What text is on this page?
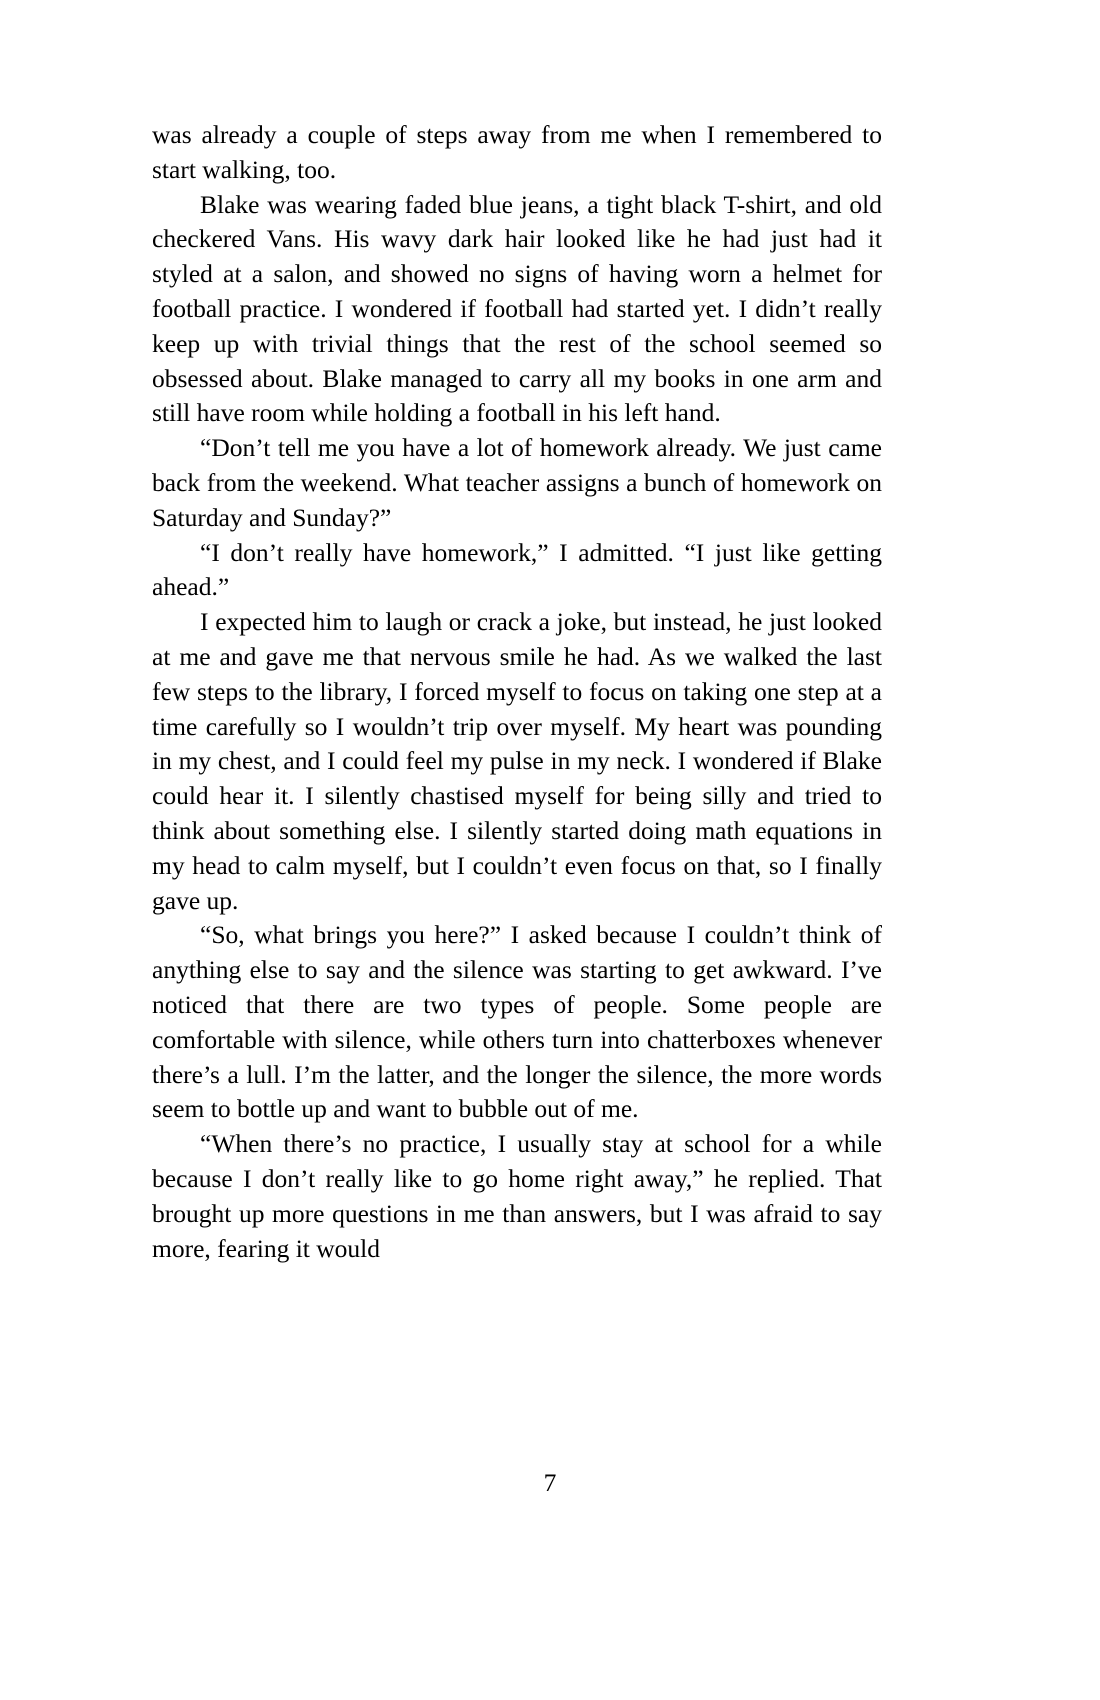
was already a couple of steps away from me when I remembered to start walking, too.

Blake was wearing faded blue jeans, a tight black T-shirt, and old checkered Vans. His wavy dark hair looked like he had just had it styled at a salon, and showed no signs of having worn a helmet for football practice. I wondered if football had started yet. I didn’t really keep up with trivial things that the rest of the school seemed so obsessed about. Blake managed to carry all my books in one arm and still have room while holding a football in his left hand.

“Don’t tell me you have a lot of homework already. We just came back from the weekend. What teacher assigns a bunch of homework on Saturday and Sunday?”

“I don’t really have homework,” I admitted. “I just like getting ahead.”

I expected him to laugh or crack a joke, but instead, he just looked at me and gave me that nervous smile he had. As we walked the last few steps to the library, I forced myself to focus on taking one step at a time carefully so I wouldn’t trip over myself. My heart was pounding in my chest, and I could feel my pulse in my neck. I wondered if Blake could hear it. I silently chastised myself for being silly and tried to think about something else. I silently started doing math equations in my head to calm myself, but I couldn’t even focus on that, so I finally gave up.

“So, what brings you here?” I asked because I couldn’t think of anything else to say and the silence was starting to get awkward. I’ve noticed that there are two types of people. Some people are comfortable with silence, while others turn into chatterboxes whenever there’s a lull. I’m the latter, and the longer the silence, the more words seem to bottle up and want to bubble out of me.

“When there’s no practice, I usually stay at school for a while because I don’t really like to go home right away,” he replied. That brought up more questions in me than answers, but I was afraid to say more, fearing it would

7
